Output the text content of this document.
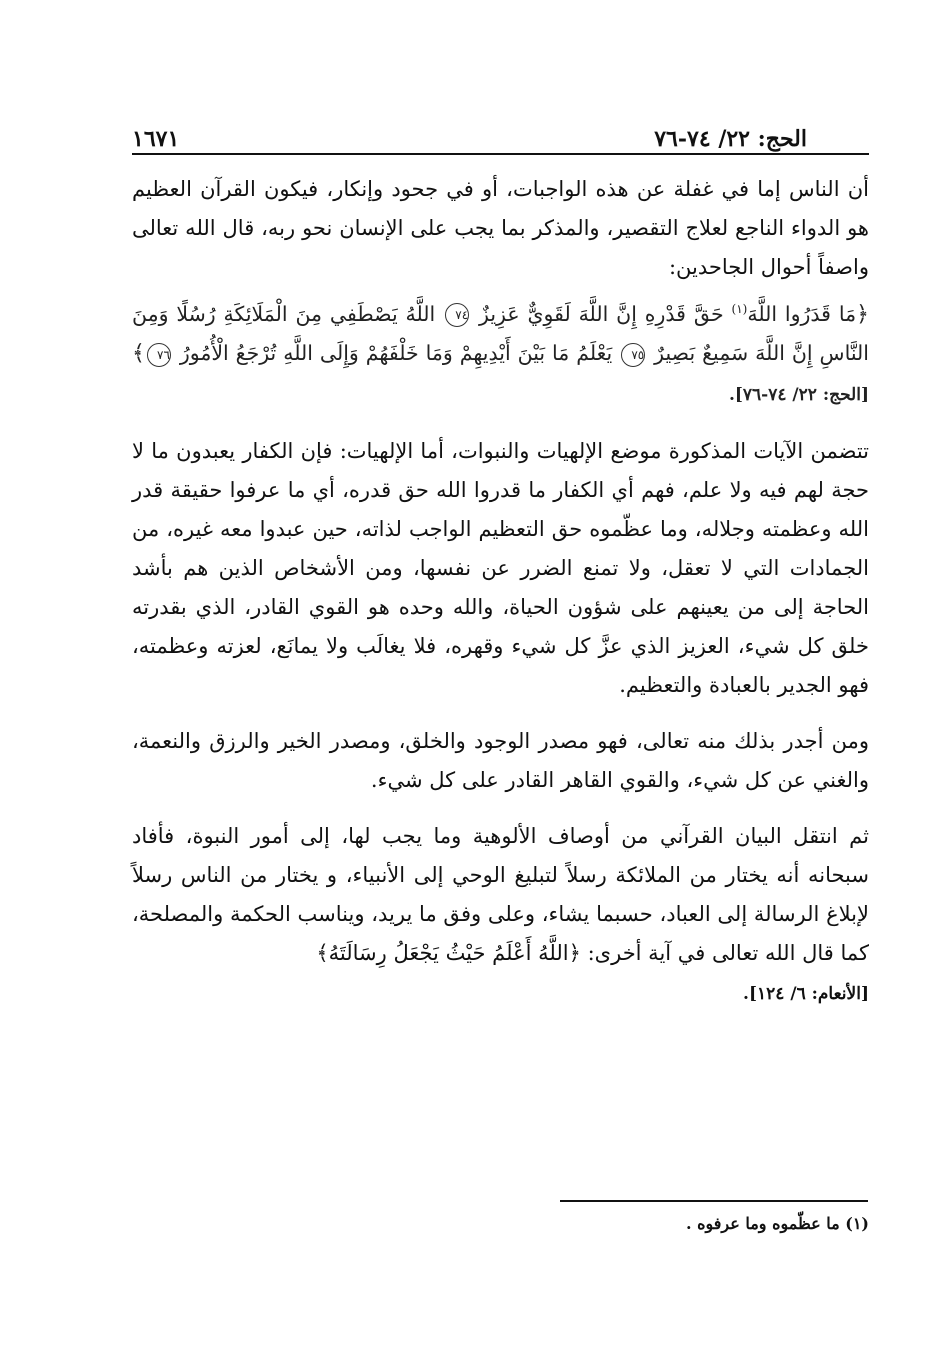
الحج: ٢٢/ ٧٤-٧٦
١٦٧١

أن الناس إما في غفلة عن هذه الواجبات، أو في جحود وإنكار، فيكون القرآن العظيم هو الدواء الناجع لعلاج التقصير، والمذكر بما يجب على الإنسان نحو ربه، قال الله تعالى واصفاً أحوال الجاحدين:

﴿مَا قَدَرُوا اللَّهَ$^{(١)}$ حَقَّ قَدْرِهِ إِنَّ اللَّهَ لَقَوِيٌّ عَزِيزٌ ٧٤ اللَّهُ يَصْطَفِي مِنَ الْمَلَائِكَةِ رُسُلًا وَمِنَ النَّاسِ إِنَّ اللَّهَ سَمِيعٌ بَصِيرٌ ٧٥ يَعْلَمُ مَا بَيْنَ أَيْدِيهِمْ وَمَا خَلْفَهُمْ وَإِلَى اللَّهِ تُرْجَعُ الْأُمُورُ ٧٦﴾ [الحج: ٢٢/ ٧٤-٧٦].

تتضمن الآيات المذكورة موضع الإلهيات والنبوات، أما الإلهيات: فإن الكفار يعبدون ما لا حجة لهم فيه ولا علم، فهم أي الكفار ما قدروا الله حق قدره، أي ما عرفوا حقيقة قدر الله وعظمته وجلاله، وما عظّموه حق التعظيم الواجب لذاته، حين عبدوا معه غيره، من الجمادات التي لا تعقل، ولا تمنع الضرر عن نفسها، ومن الأشخاص الذين هم بأشد الحاجة إلى من يعينهم على شؤون الحياة، والله وحده هو القوي القادر، الذي بقدرته خلق كل شيء، العزيز الذي عزَّ كل شيء وقهره، فلا يغالَب ولا يمانَع، لعزته وعظمته، فهو الجدير بالعبادة والتعظيم.

ومن أجدر بذلك منه تعالى، فهو مصدر الوجود والخلق، ومصدر الخير والرزق والنعمة، والغني عن كل شيء، والقوي القاهر القادر على كل شيء.

ثم انتقل البيان القرآني من أوصاف الألوهية وما يجب لها، إلى أمور النبوة، فأفاد سبحانه أنه يختار من الملائكة رسلاً لتبليغ الوحي إلى الأنبياء، و يختار من الناس رسلاً لإبلاغ الرسالة إلى العباد، حسبما يشاء، وعلى وفق ما يريد، ويناسب الحكمة والمصلحة، كما قال الله تعالى في آية أخرى: ﴿اللَّهُ أَعْلَمُ حَيْثُ يَجْعَلُ رِسَالَتَهُ﴾
[الأنعام: ٦/ ١٢٤].

(١) ما عظّموه وما عرفوه .
